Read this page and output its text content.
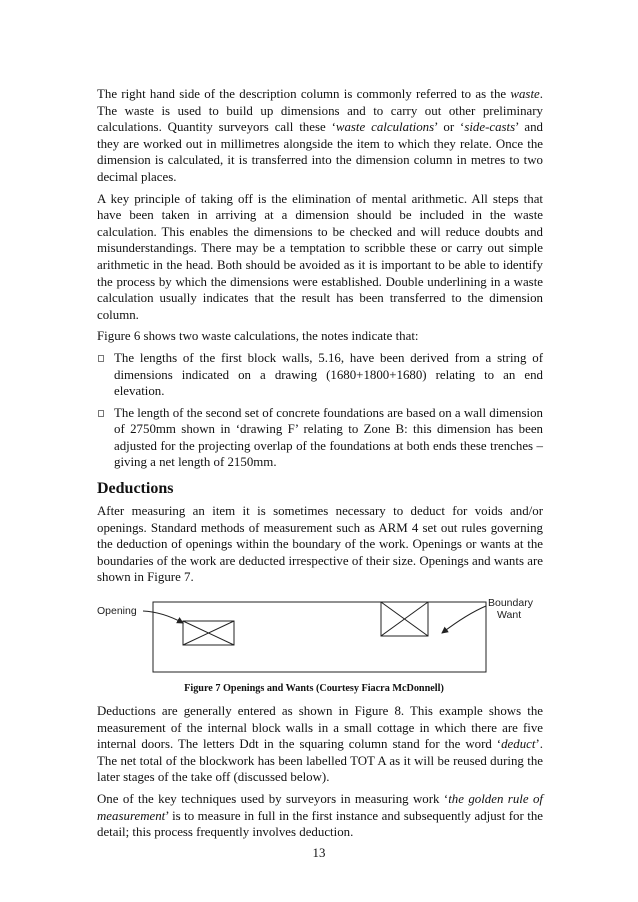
The right hand side of the description column is commonly referred to as the waste. The waste is used to build up dimensions and to carry out other preliminary calculations. Quantity surveyors call these ‘waste calculations’ or ‘side-casts’ and they are worked out in millimetres alongside the item to which they relate. Once the dimension is calculated, it is transferred into the dimension column in metres to two decimal places.

A key principle of taking off is the elimination of mental arithmetic. All steps that have been taken in arriving at a dimension should be included in the waste calculation. This enables the dimensions to be checked and will reduce doubts and misunderstandings. There may be a temptation to scribble these or carry out simple arithmetic in the head. Both should be avoided as it is important to be able to identify the process by which the dimensions were established. Double underlining in a waste calculation usually indicates that the result has been transferred to the dimension column.

Figure 6 shows two waste calculations, the notes indicate that:

The lengths of the first block walls, 5.16, have been derived from a string of dimensions indicated on a drawing (1680+1800+1680) relating to an end elevation.
The length of the second set of concrete foundations are based on a wall dimension of 2750mm shown in ‘drawing F’ relating to Zone B: this dimension has been adjusted for the projecting overlap of the foundations at both ends these trenches – giving a net length of 2150mm.
Deductions

After measuring an item it is sometimes necessary to deduct for voids and/or openings. Standard methods of measurement such as ARM 4 set out rules governing the deduction of openings within the boundary of the work. Openings or wants at the boundaries of the work are deducted irrespective of their size. Openings and wants are shown in Figure 7.

Opening
Boundary
Want
Figure 7 Openings and Wants (Courtesy Fiacra McDonnell)

Deductions are generally entered as shown in Figure 8. This example shows the measurement of the internal block walls in a small cottage in which there are five internal doors. The letters Ddt in the squaring column stand for the word ‘deduct’. The net total of the blockwork has been labelled TOT A as it will be reused during the later stages of the take off (discussed below).

One of the key techniques used by surveyors in measuring work ‘the golden rule of measurement’ is to measure in full in the first instance and subsequently adjust for the detail; this process frequently involves deduction.

13
